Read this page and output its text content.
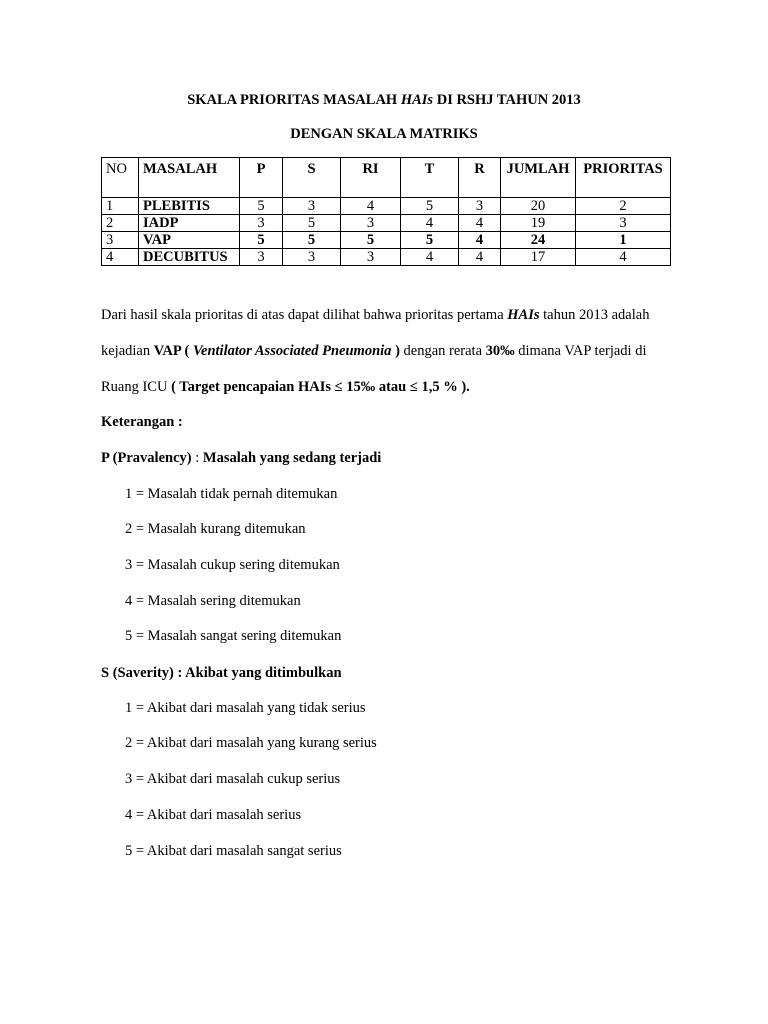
SKALA PRIORITAS MASALAH HAIs DI RSHJ TAHUN 2013
DENGAN SKALA MATRIKS
NO	MASALAH	P	S	RI	T	R	JUMLAH	PRIORITAS
1	PLEBITIS	5	3	4	5	3	20	2
2	IADP	3	5	3	4	4	19	3
3	VAP	5	5	5	5	4	24	1
4	DECUBITUS	3	3	3	4	4	17	4
Dari hasil skala prioritas di atas dapat dilihat bahwa prioritas pertama HAIs tahun 2013 adalah
kejadian VAP ( Ventilator Associated Pneumonia ) dengan rerata 30‰ dimana VAP terjadi di
Ruang ICU ( Target pencapaian HAIs ≤ 15‰ atau ≤ 1,5 % ).
Keterangan :
P (Pravalency) : Masalah yang sedang terjadi
1 = Masalah tidak pernah ditemukan
2 = Masalah kurang ditemukan
3 = Masalah cukup sering ditemukan
4 = Masalah sering ditemukan
5 = Masalah sangat sering ditemukan
S (Saverity) : Akibat yang ditimbulkan
1 = Akibat dari masalah yang tidak serius
2 = Akibat dari masalah yang kurang serius
3 = Akibat dari masalah cukup serius
4 = Akibat dari masalah serius
5 = Akibat dari masalah sangat serius
